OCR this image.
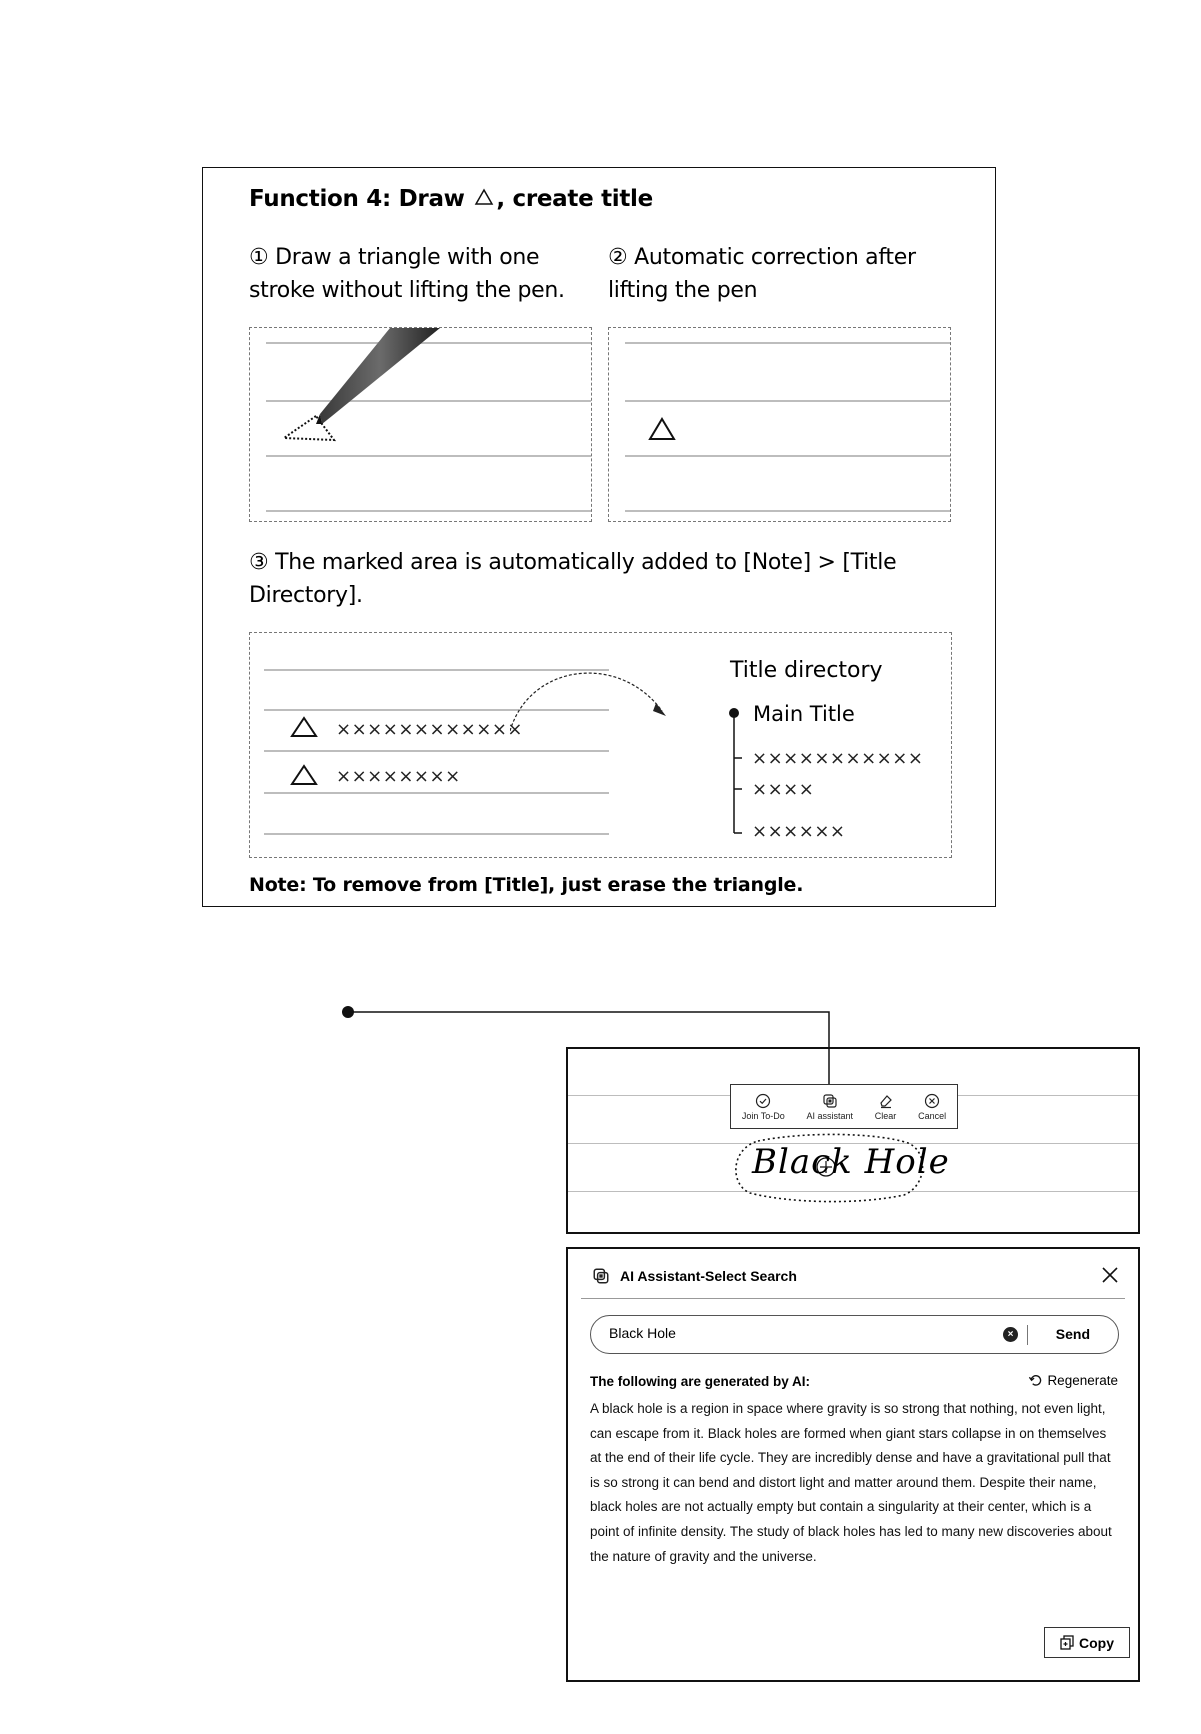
Function 4: Draw , create title
① Draw a triangle with one
stroke without lifting the pen.
② Automatic correction after
lifting the pen
③ The marked area is automatically added to [Note] > [Title
Directory].
××××××××××××
××××××××
Title directory
Main Title
×××××××××××
××××
××××××
Note: To remove from [Title], just erase the triangle.
Join To-Do AI assistant Clear Cancel
Black Hole
AI Assistant-Select Search
Black Hole
×	Send
The following are generated by AI:	Regenerate
A black hole is a region in space where gravity is so strong that nothing, not even light, can escape from it. Black holes are formed when giant stars collapse in on themselves at the end of their life cycle. They are incredibly dense and have a gravitational pull that is so strong it can bend and distort light and matter around them. Despite their name, black holes are not actually empty but contain a singularity at their center, which is a point of infinite density. The study of black holes has led to many new discoveries about the nature of gravity and the universe.
Copy
